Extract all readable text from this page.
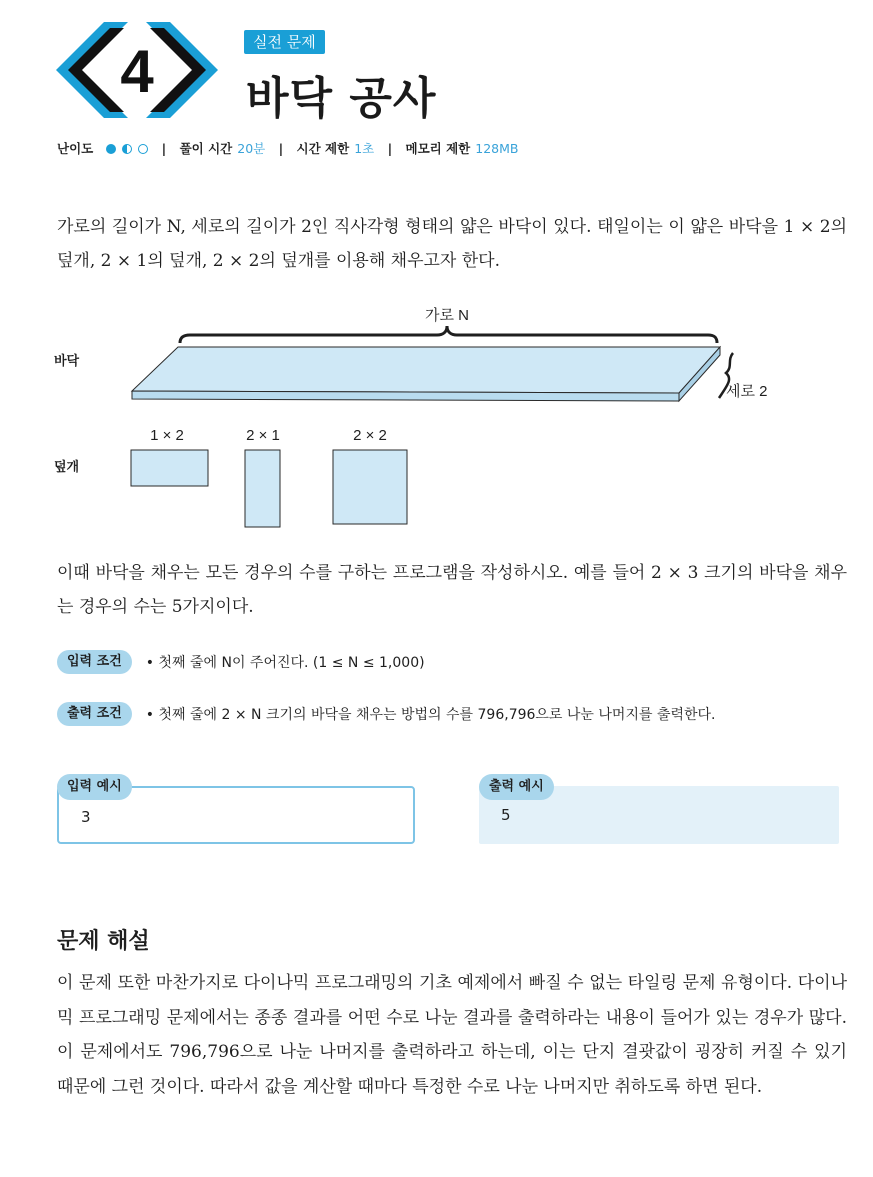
4	실전 문제
바닥 공사
난이도	| 풀이 시간 20분 | 시간 제한 1초 | 메모리 제한 128MB
가로의 길이가 N, 세로의 길이가 2인 직사각형 형태의 얇은 바닥이 있다. 태일이는 이 얇은 바닥을 1 × 2의 덮개, 2 × 1의 덮개, 2 × 2의 덮개를 이용해 채우고자 한다.
바닥
가로 N
세로 2
덮개
1 × 2	2 × 1	2 × 2
이때 바닥을 채우는 모든 경우의 수를 구하는 프로그램을 작성하시오. 예를 들어 2 × 3 크기의 바닥을 채우는 경우의 수는 5가지이다.
입력 조건	• 첫째 줄에 N이 주어진다. (1 ≤ N ≤ 1,000)
출력 조건	• 첫째 줄에 2 × N 크기의 바닥을 채우는 방법의 수를 796,796으로 나눈 나머지를 출력한다.
3
입력 예시
5
출력 예시
문제 해설
이 문제 또한 마찬가지로 다이나믹 프로그래밍의 기초 예제에서 빠질 수 없는 타일링 문제 유형이다. 다이나믹 프로그래밍 문제에서는 종종 결과를 어떤 수로 나눈 결과를 출력하라는 내용이 들어가 있는 경우가 많다. 이 문제에서도 796,796으로 나눈 나머지를 출력하라고 하는데, 이는 단지 결괏값이 굉장히 커질 수 있기 때문에 그런 것이다. 따라서 값을 계산할 때마다 특정한 수로 나눈 나머지만 취하도록 하면 된다.
